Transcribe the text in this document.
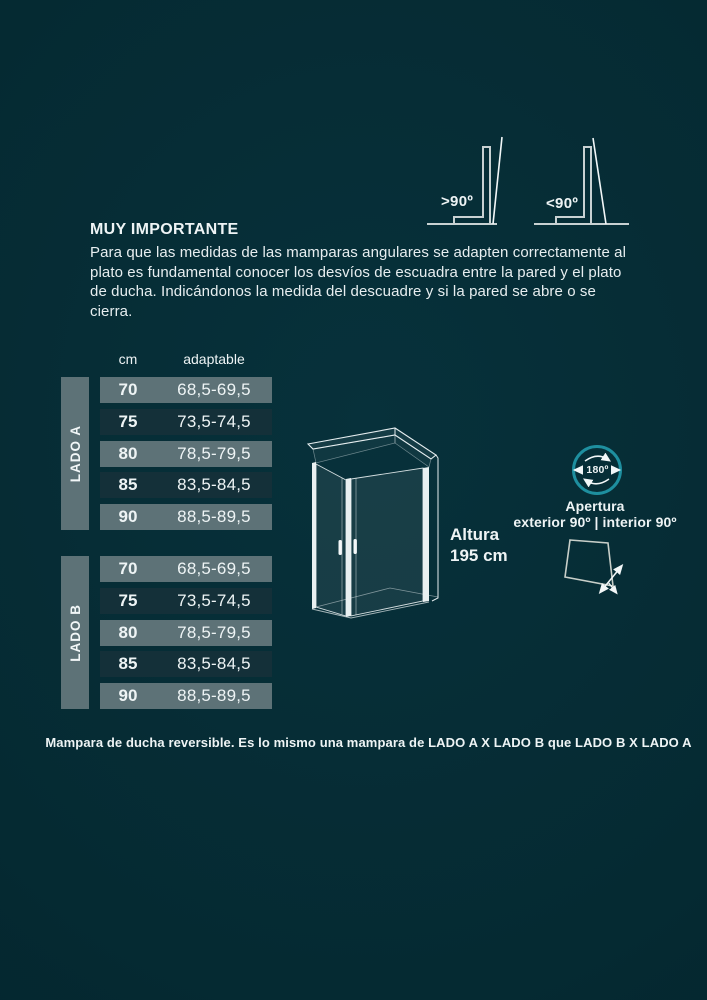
>90º	<90º
MUY IMPORTANTE
Para que las medidas de las mamparas angulares se adapten correctamente al plato es fundamental conocer los desvíos de escuadra entre la pared y el plato de ducha. Indicándonos la medida del descuadre y si la pared se abre o se cierra.
cm	adaptable
LADO A
70	68,5-69,5
75	73,5-74,5
80	78,5-79,5
85	83,5-84,5
90	88,5-89,5
LADO B
70	68,5-69,5
75	73,5-74,5
80	78,5-79,5
85	83,5-84,5
90	88,5-89,5
Altura
195 cm
180º
Apertura
exterior 90º | interior 90º
Mampara de ducha reversible. Es lo mismo una mampara de LADO A X LADO B que LADO B X LADO A
